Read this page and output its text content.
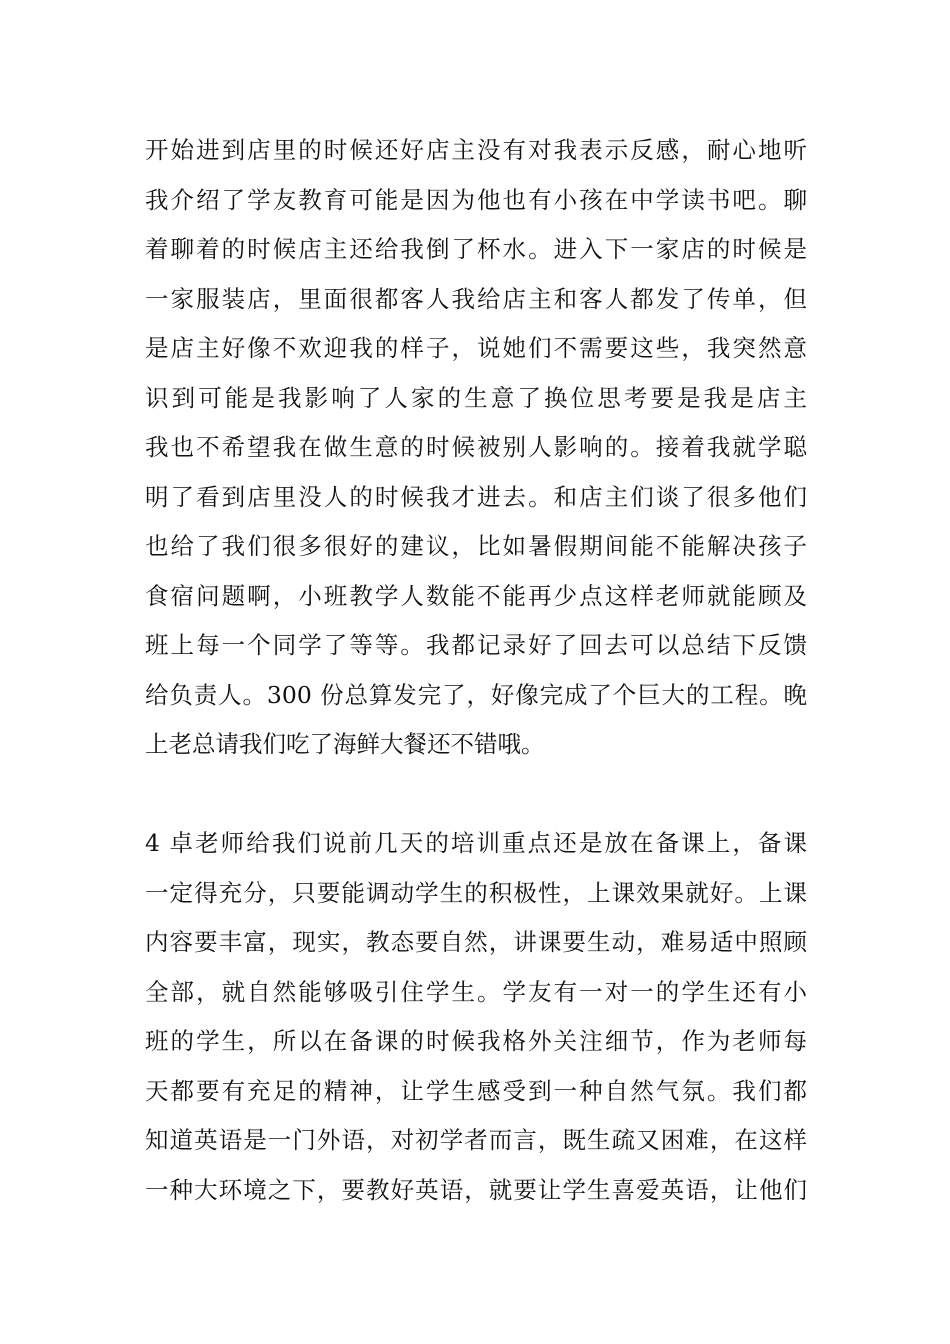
开始进到店里的时候还好店主没有对我表示反感，耐心地听
我介绍了学友教育可能是因为他也有小孩在中学读书吧。聊
着聊着的时候店主还给我倒了杯水。进入下一家店的时候是
一家服装店，里面很都客人我给店主和客人都发了传单，但
是店主好像不欢迎我的样子，说她们不需要这些，我突然意
识到可能是我影响了人家的生意了换位思考要是我是店主
我也不希望我在做生意的时候被别人影响的。接着我就学聪
明了看到店里没人的时候我才进去。和店主们谈了很多他们
也给了我们很多很好的建议，比如暑假期间能不能解决孩子
食宿问题啊，小班教学人数能不能再少点这样老师就能顾及
班上每一个同学了等等。我都记录好了回去可以总结下反馈
给负责人。300 份总算发完了，好像完成了个巨大的工程。晚
上老总请我们吃了海鲜大餐还不错哦。
4 卓老师给我们说前几天的培训重点还是放在备课上，备课
一定得充分，只要能调动学生的积极性，上课效果就好。上课
内容要丰富，现实，教态要自然，讲课要生动，难易适中照顾
全部，就自然能够吸引住学生。学友有一对一的学生还有小
班的学生，所以在备课的时候我格外关注细节，作为老师每
天都要有充足的精神，让学生感受到一种自然气氛。我们都
知道英语是一门外语，对初学者而言，既生疏又困难，在这样
一种大环境之下，要教好英语，就要让学生喜爱英语，让他们
